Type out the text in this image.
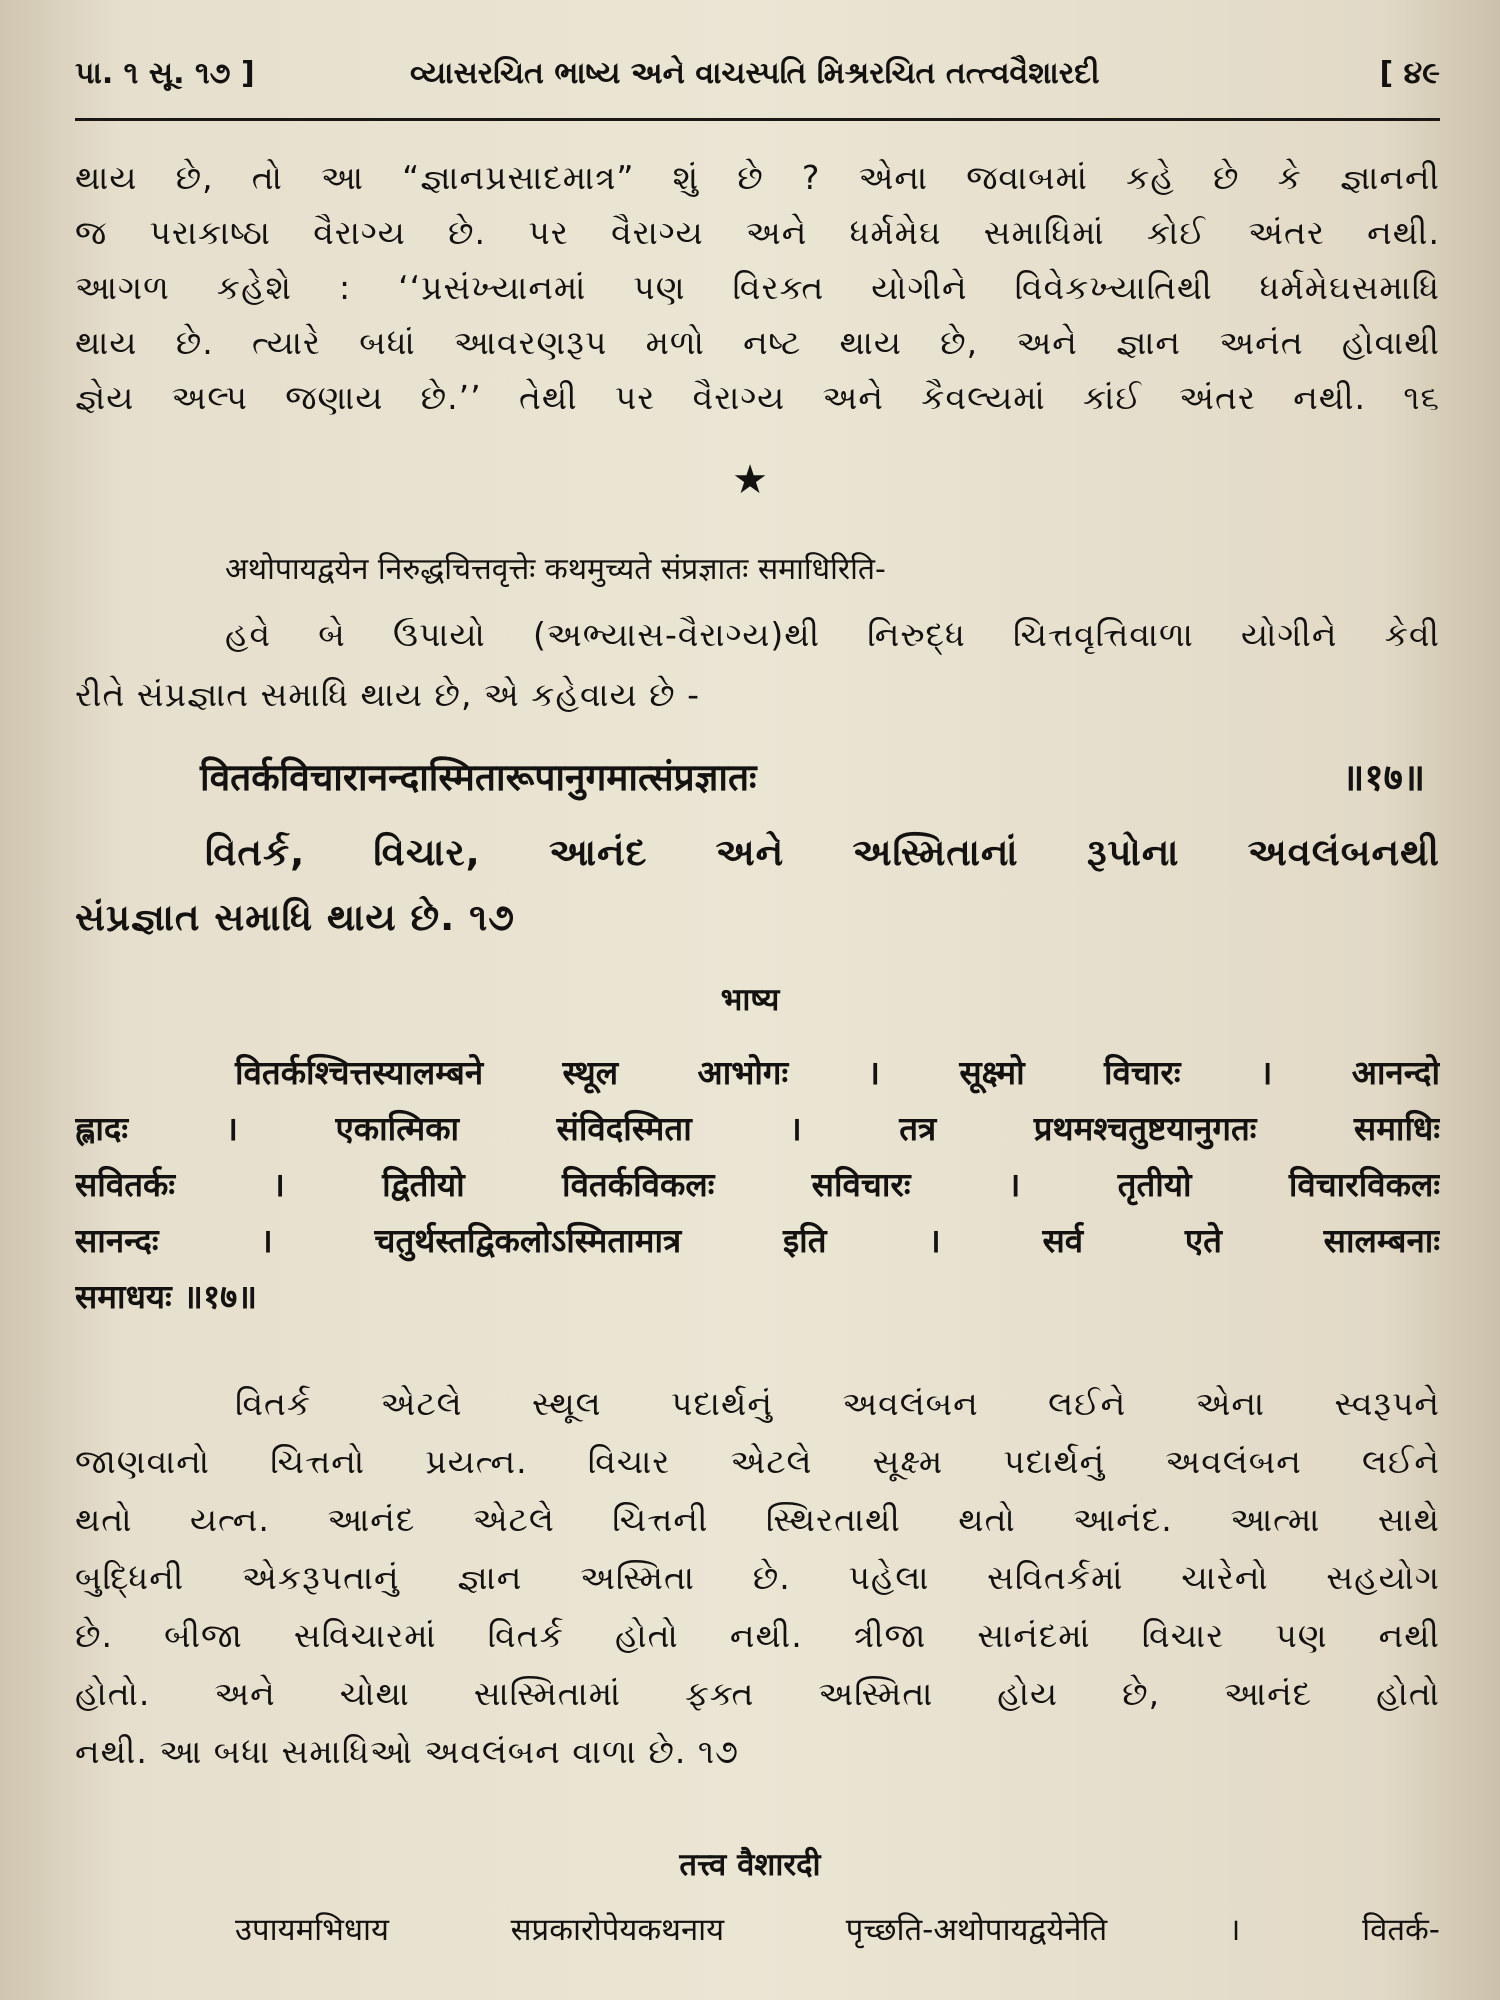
પા. ૧ સૂ. ૧૭ ]	વ્યાસરચિત ભાષ્ય અને વાચસ્પતિ મિશ્રરચિત તત્ત્વવૈશારદી	[ ૪૯
થાય છે, તો આ “જ્ઞાનપ્રસાદમાત્ર” શું છે ? એના જવાબમાં કહે છે કે જ્ઞાનની
જ પરાકાષ્ઠા વૈરાગ્ય છે. પર વૈરાગ્ય અને ધર્મમેઘ સમાધિમાં કોઈ અંતર નથી.
આગળ કહેશે : ‘‘પ્રસંખ્યાનમાં પણ વિરક્ત યોગીને વિવેકખ્યાતિથી ધર્મમેઘસમાધિ
થાય છે. ત્યારે બધાં આવરણરૂપ મળો નષ્ટ થાય છે, અને જ્ઞાન અનંત હોવાથી
જ્ઞેય અલ્પ જણાય છે.’’ તેથી પર વૈરાગ્ય અને કૈવલ્યમાં કાંઈ અંતર નથી. ૧૬
★
अथोपायद्वयेन निरुद्धचित्तवृत्तेः कथमुच्यते संप्रज्ञातः समाधिरिति-
હવે બે ઉપાયો (અભ્યાસ-વૈરાગ્ય)થી નિરુદ્ધ ચિત્તવૃત્તિવાળા યોગીને કેવી
રીતે સંપ્રજ્ઞાત સમાધિ થાય છે, એ કહેવાય છે -
वितर्कविचारानन्दास्मितारूपानुगमात्संप्रज्ञातः ॥१७॥
વિતર્ક, વિચાર, આનંદ અને અસ્મિતાનાં રૂપોના અવલંબનથી
સંપ્રજ્ઞાત સમાધિ થાય છે. ૧૭
भाष्य
वितर्कश्चित्तस्यालम्बने स्थूल आभोगः । सूक्ष्मो विचारः । आनन्दो
ह्लादः । एकात्मिका संविदस्मिता । तत्र प्रथमश्चतुष्टयानुगतः समाधिः
सवितर्कः । द्वितीयो वितर्कविकलः सविचारः । तृतीयो विचारविकलः
सानन्दः । चतुर्थस्तद्विकलोऽस्मितामात्र इति । सर्व एते सालम्बनाः
समाधयः ॥१७॥
વિતર્ક એટલે સ્થૂલ પદાર્થનું અવલંબન લઈને એના સ્વરૂપને
જાણવાનો ચિત્તનો પ્રયત્ન. વિચાર એટલે સૂક્ષ્મ પદાર્થનું અવલંબન લઈને
થતો યત્ન. આનંદ એટલે ચિત્તની સ્થિરતાથી થતો આનંદ. આત્મા સાથે
બુદ્ધિની એકરૂપતાનું જ્ઞાન અસ્મિતા છે. પહેલા સવિતર્કમાં ચારેનો સહયોગ
છે. બીજા સવિચારમાં વિતર્ક હોતો નથી. ત્રીજા સાનંદમાં વિચાર પણ નથી
હોતો. અને ચોથા સાસ્મિતામાં ફક્ત અસ્મિતા હોય છે, આનંદ હોતો
નથી. આ બધા સમાધિઓ અવલંબન વાળા છે. ૧૭
तत्त्व वैशारदी
उपायमभिधाय सप्रकारोपेयकथनाय पृच्छति-अथोपायद्वयेनेति । वितर्क-
